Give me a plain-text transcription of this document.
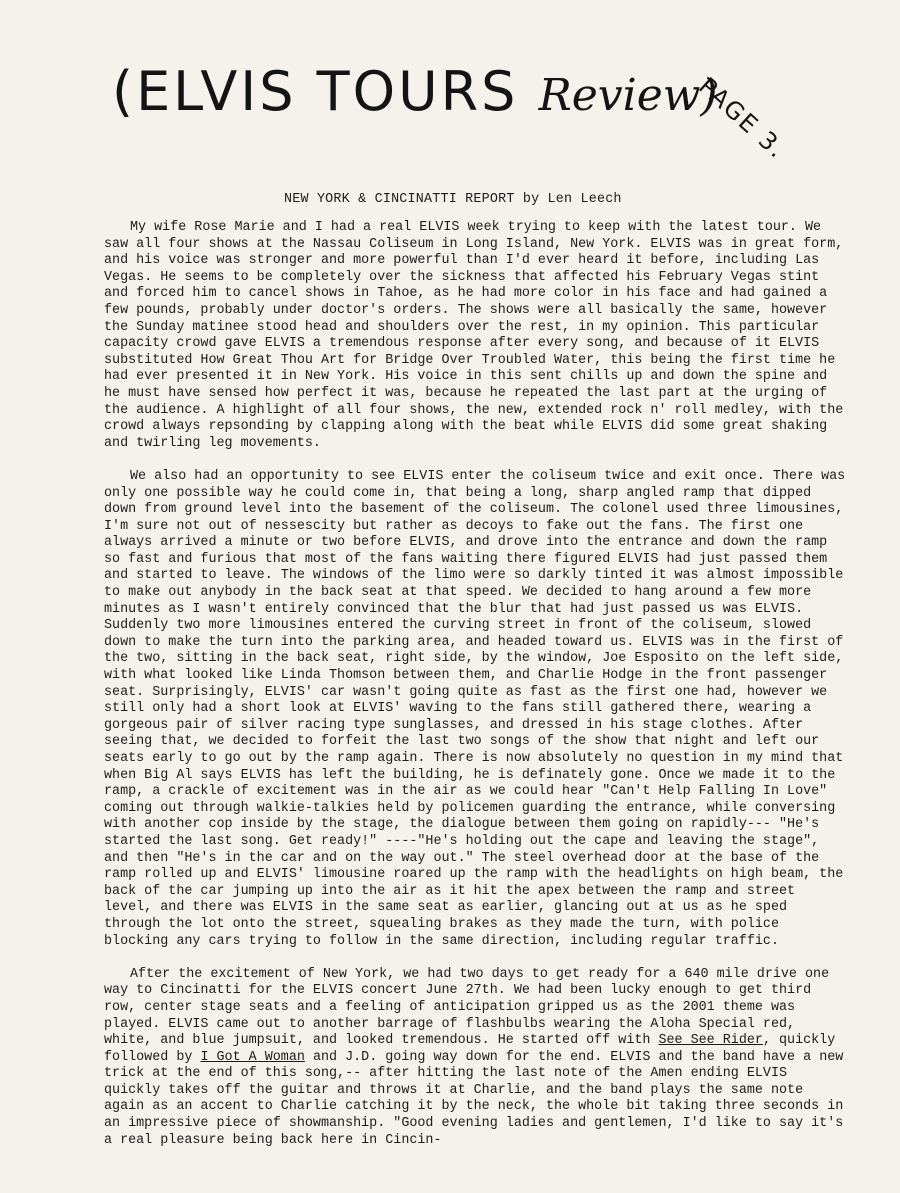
(ELVIS TOURS Review)
PAGE 3.
NEW YORK & CINCINATTI REPORT by Len Leech

My wife Rose Marie and I had a real ELVIS week trying to keep with the latest tour. We saw all four shows at the Nassau Coliseum in Long Island, New York. ELVIS was in great form, and his voice was stronger and more powerful than I'd ever heard it before, including Las Vegas. He seems to be completely over the sickness that affected his February Vegas stint and forced him to cancel shows in Tahoe, as he had more color in his face and had gained a few pounds, probably under doctor's orders. The shows were all basically the same, however the Sunday matinee stood head and shoulders over the rest, in my opinion. This particular capacity crowd gave ELVIS a tremendous response after every song, and because of it ELVIS substituted How Great Thou Art for Bridge Over Troubled Water, this being the first time he had ever presented it in New York. His voice in this sent chills up and down the spine and he must have sensed how perfect it was, because he repeated the last part at the urging of the audience. A highlight of all four shows, the new, extended rock n' roll medley, with the crowd always repsonding by clapping along with the beat while ELVIS did some great shaking and twirling leg movements.

We also had an opportunity to see ELVIS enter the coliseum twice and exit once. There was only one possible way he could come in, that being a long, sharp angled ramp that dipped down from ground level into the basement of the coliseum. The colonel used three limousines, I'm sure not out of nessescity but rather as decoys to fake out the fans. The first one always arrived a minute or two before ELVIS, and drove into the entrance and down the ramp so fast and furious that most of the fans waiting there figured ELVIS had just passed them and started to leave. The windows of the limo were so darkly tinted it was almost impossible to make out anybody in the back seat at that speed. We decided to hang around a few more minutes as I wasn't entirely convinced that the blur that had just passed us was ELVIS. Suddenly two more limousines entered the curving street in front of the coliseum, slowed down to make the turn into the parking area, and headed toward us. ELVIS was in the first of the two, sitting in the back seat, right side, by the window, Joe Esposito on the left side, with what looked like Linda Thomson between them, and Charlie Hodge in the front passenger seat. Surprisingly, ELVIS' car wasn't going quite as fast as the first one had, however we still only had a short look at ELVIS' waving to the fans still gathered there, wearing a gorgeous pair of silver racing type sunglasses, and dressed in his stage clothes. After seeing that, we decided to forfeit the last two songs of the show that night and left our seats early to go out by the ramp again. There is now absolutely no question in my mind that when Big Al says ELVIS has left the building, he is definately gone. Once we made it to the ramp, a crackle of excitement was in the air as we could hear "Can't Help Falling In Love" coming out through walkie-talkies held by policemen guarding the entrance, while conversing with another cop inside by the stage, the dialogue between them going on rapidly--- "He's started the last song. Get ready!" ----"He's holding out the cape and leaving the stage", and then "He's in the car and on the way out." The steel overhead door at the base of the ramp rolled up and ELVIS' limousine roared up the ramp with the headlights on high beam, the back of the car jumping up into the air as it hit the apex between the ramp and street level, and there was ELVIS in the same seat as earlier, glancing out at us as he sped through the lot onto the street, squealing brakes as they made the turn, with police blocking any cars trying to follow in the same direction, including regular traffic.

After the excitement of New York, we had two days to get ready for a 640 mile drive one way to Cincinatti for the ELVIS concert June 27th. We had been lucky enough to get third row, center stage seats and a feeling of anticipation gripped us as the 2001 theme was played. ELVIS came out to another barrage of flashbulbs wearing the Aloha Special red, white, and blue jumpsuit, and looked tremendous. He started off with See See Rider, quickly followed by I Got A Woman and J.D. going way down for the end. ELVIS and the band have a new trick at the end of this song,-- after hitting the last note of the Amen ending ELVIS quickly takes off the guitar and throws it at Charlie, and the band plays the same note again as an accent to Charlie catching it by the neck, the whole bit taking three seconds in an impressive piece of showmanship. "Good evening ladies and gentlemen, I'd like to say it's a real pleasure being back here in Cincin-
